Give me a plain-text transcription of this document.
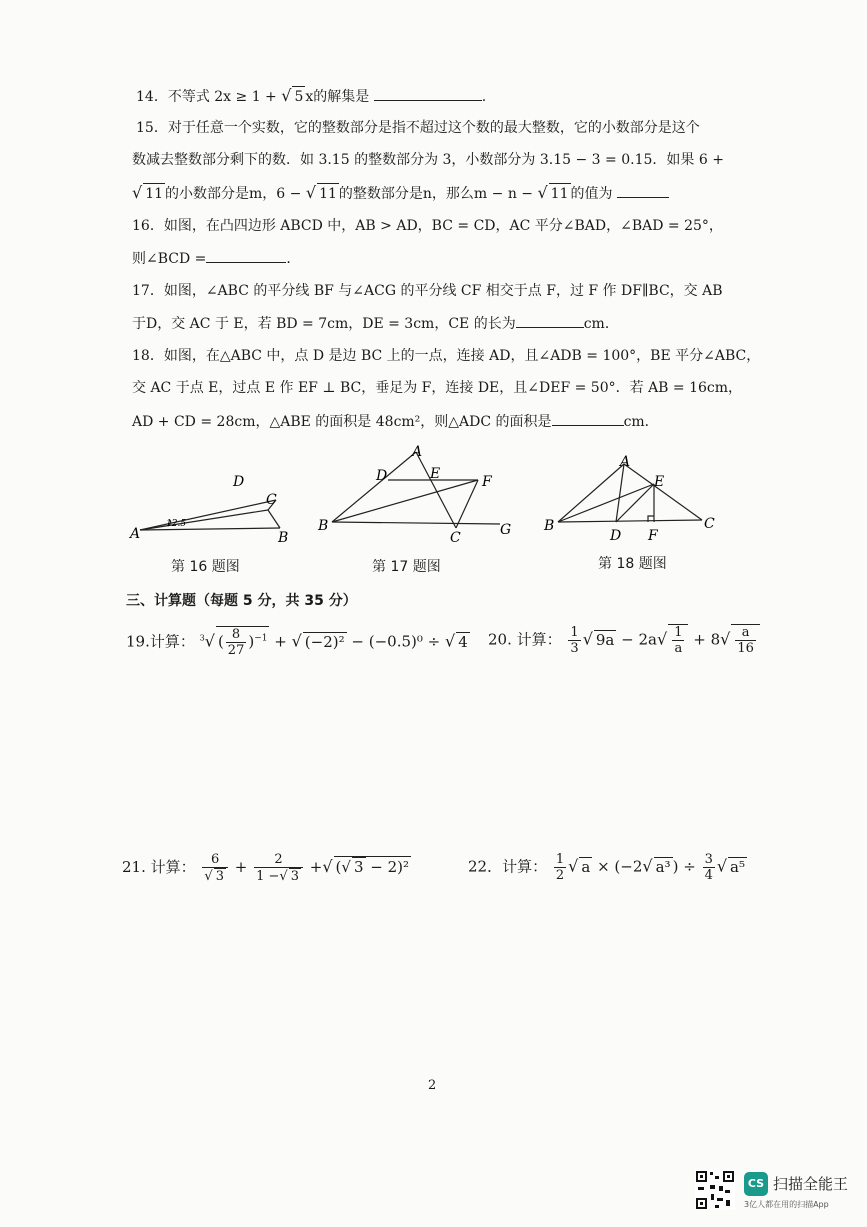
14．不等式 2x ≥ 1 + √ 5 x的解集是	.
15．对于任意一个实数，它的整数部分是指不超过这个数的最大整数，它的小数部分是这个
数减去整数部分剩下的数．如 3.15 的整数部分为 3，小数部分为 3.15 − 3 = 0.15．如果 6 +
√ 11 的小数部分是m，6 − √ 11 的整数部分是n，那么m − n − √ 11 的值为
16．如图，在凸四边形 ABCD 中，AB > AD，BC = CD，AC 平分∠BAD，∠BAD = 25°，
则∠BCD =	．
17．如图，∠ABC 的平分线 BF 与∠ACG 的平分线 CF 相交于点 F，过 F 作 DF∥BC，交 AB
于D，交 AC 于 E，若 BD = 7cm，DE = 3cm，CE 的长为	cm．
18．如图，在△ABC 中，点 D 是边 BC 上的一点，连接 AD，且∠ADB = 100°，BE 平分∠ABC，
交 AC 于点 E，过点 E 作 EF ⊥ BC，垂足为 F，连接 DE，且∠DEF = 50°．若 AB = 16cm，
AD + CD = 28cm，△ABE 的面积是 48cm²，则△ADC 的面积是	cm．
A	B
C
D
12.5
D
A
E	F
B
C	G
A
E
B
D F
C
第 16 题图	第 17 题图	第 18 题图
三、计算题（每题 5 分，共 35 分）
19.计算： $^3$√ ( $\frac{8}{27} )^{-1}$ + √ (−2)² − (−0.5)⁰ ÷ √ 4 20. 计算： $\frac{1}{3}$ √ $9a - 2a√ \frac{1}{a} + 8√ \frac{a}{16}$
21. 计算： $\frac{6}{√ 3} + \frac{2}{1 -√ 3}$ +√ (√ 3 − 2)²	22．计算： $\frac{1}{2}$ √ a × (−2√ a³ ) ÷ $\frac{3}{4}$ √ a⁵
2
CS 扫描全能王
3亿人都在用的扫描App
